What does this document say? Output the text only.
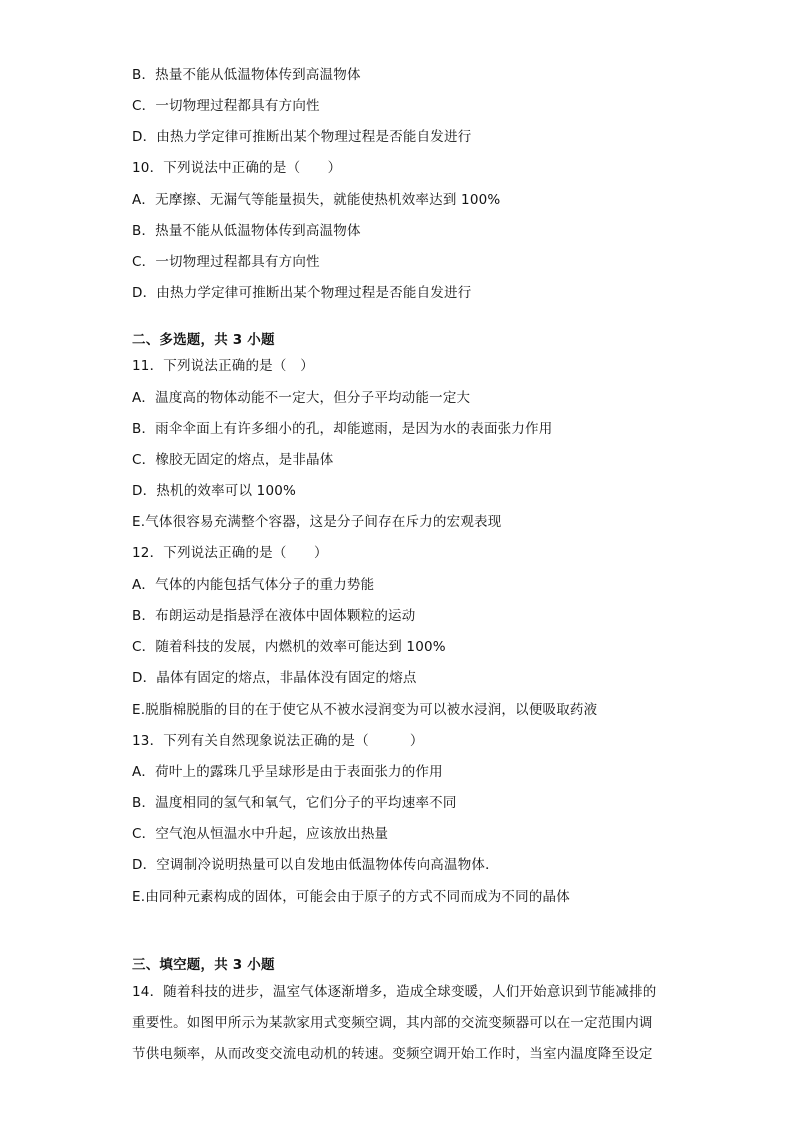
B．热量不能从低温物体传到高温物体
C．一切物理过程都具有方向性
D．由热力学定律可推断出某个物理过程是否能自发进行
10．下列说法中正确的是（　　）
A．无摩擦、无漏气等能量损失，就能使热机效率达到 100%
B．热量不能从低温物体传到高温物体
C．一切物理过程都具有方向性
D．由热力学定律可推断出某个物理过程是否能自发进行
二、多选题，共 3 小题
11．下列说法正确的是（　）
A．温度高的物体动能不一定大，但分子平均动能一定大
B．雨伞伞面上有许多细小的孔，却能遮雨，是因为水的表面张力作用
C．橡胶无固定的熔点，是非晶体
D．热机的效率可以 100%
E.气体很容易充满整个容器，这是分子间存在斥力的宏观表现
12．下列说法正确的是（　　）
A．气体的内能包括气体分子的重力势能
B．布朗运动是指悬浮在液体中固体颗粒的运动
C．随着科技的发展，内燃机的效率可能达到 100%
D．晶体有固定的熔点，非晶体没有固定的熔点
E.脱脂棉脱脂的目的在于使它从不被水浸润变为可以被水浸润，以便吸取药液
13．下列有关自然现象说法正确的是（　　　）
A．荷叶上的露珠几乎呈球形是由于表面张力的作用
B．温度相同的氢气和氧气，它们分子的平均速率不同
C．空气泡从恒温水中升起，应该放出热量
D．空调制冷说明热量可以自发地由低温物体传向高温物体．
E.由同种元素构成的固体，可能会由于原子的方式不同而成为不同的晶体
三、填空题，共 3 小题
14．随着科技的进步，温室气体逐渐增多，造成全球变暖，人们开始意识到节能减排的
重要性。如图甲所示为某款家用式变频空调，其内部的交流变频器可以在一定范围内调
节供电频率，从而改变交流电动机的转速。变频空调开始工作时，当室内温度降至设定
